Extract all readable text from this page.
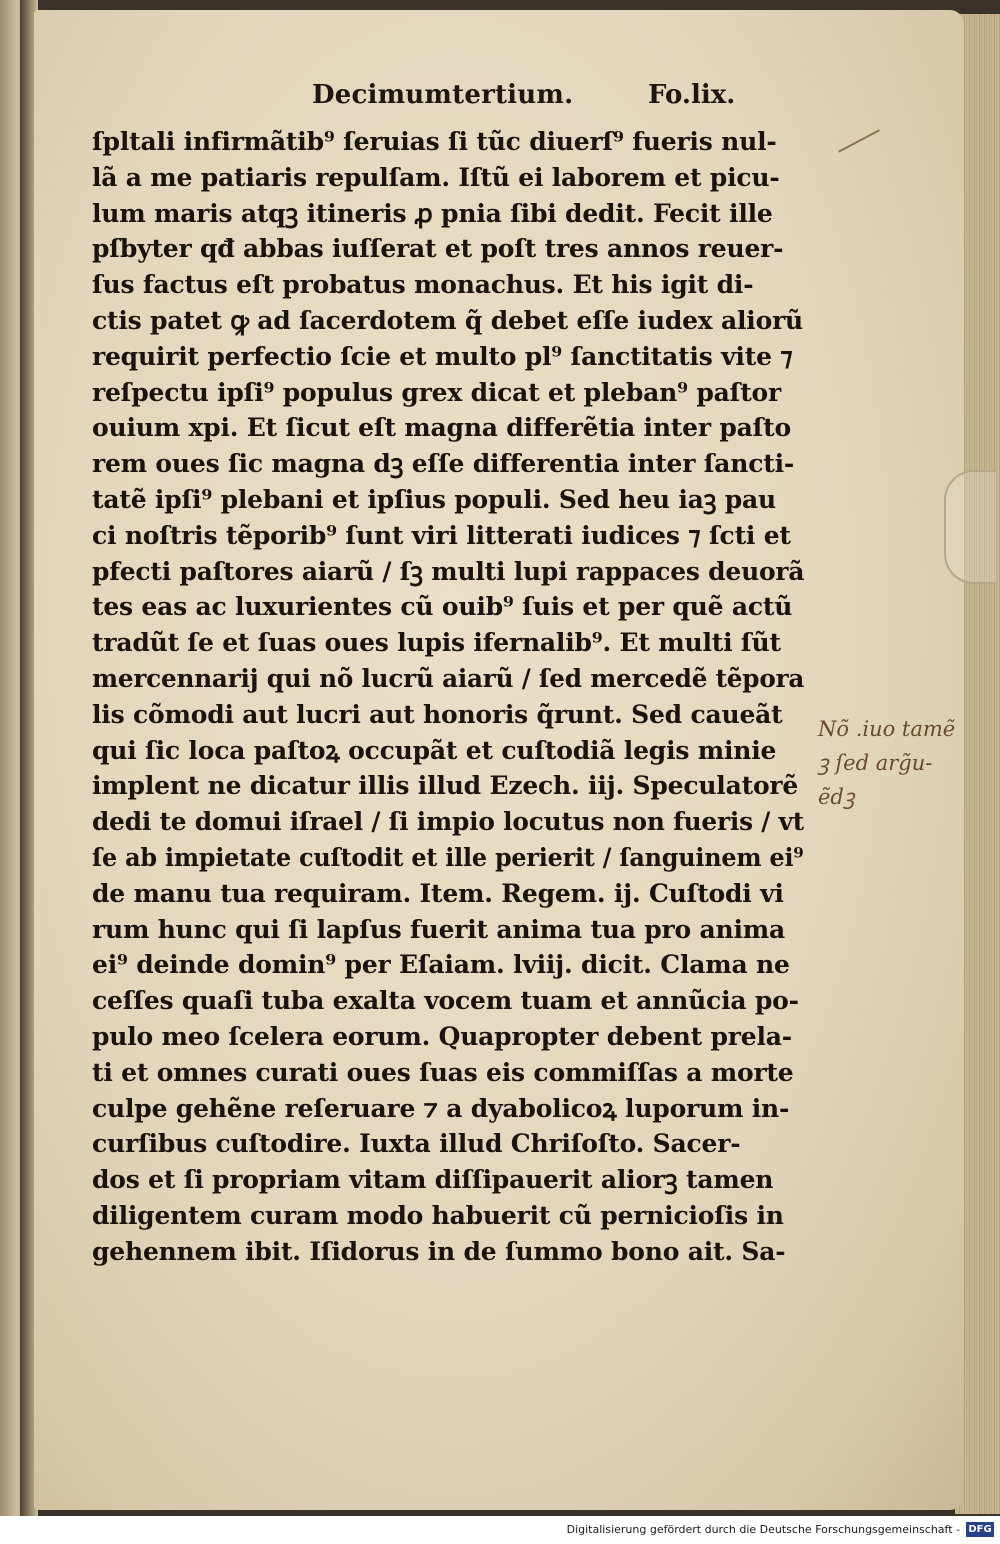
Decimumtertium.	Fo.lix.
ſpltali infirmãtib⁹ ſeruias ſi tũc diuerſ⁹ fueris nul-
lã a me patiaris repulſam. Iſtũ ei laborem et picu-
lum maris atqꝫ itineris ꝓ pnia ſibi dedit. Fecit ille
pſbyter qđ abbas iuſſerat et poſt tres annos reuer-
ſus factus eſt probatus monachus. Et his igit di-
ctis patet ꝙ ad ſacerdotem q̃ debet eſſe iudex aliorũ
requirit perfectio ſcie et multo pl⁹ ſanctitatis vite ⁊
reſpectu ipſi⁹ populus grex dicat et pleban⁹ paſtor
ouium xpi. Et ſicut eſt magna differẽtia inter paſto
rem oues ſic magna dꝫ eſſe differentia inter ſancti-
tatẽ ipſi⁹ plebani et ipſius populi. Sed heu iaꝫ pau
ci noſtris tẽporib⁹ ſunt viri litterati iudices ⁊ ſcti et
pfecti paſtores aiarũ / ſꝫ multi lupi rappaces deuorã
tes eas ac luxurientes cũ ouib⁹ ſuis et per quẽ actũ
tradũt ſe et ſuas oues lupis ifernalib⁹. Et multi ſũt
mercennarij qui nõ lucrũ aiarũ / ſed mercedẽ tẽpora
lis cõmodi aut lucri aut honoris q̃runt. Sed caueãt
qui ſic loca paſtoꝝ occupãt et cuſtodiã legis minie
implent ne dicatur illis illud Ezech. iij. Speculatorẽ
dedi te domui iſrael / ſi impio locutus non fueris / vt
ſe ab impietate cuſtodit et ille perierit / ſanguinem ei⁹
de manu tua requiram. Item. Regem. ij. Cuſtodi vi
rum hunc qui ſi lapſus fuerit anima tua pro anima
ei⁹ deinde domin⁹ per Eſaiam. lviij. dicit. Clama ne
ceſſes quaſi tuba exalta vocem tuam et annũcia po-
pulo meo ſcelera eorum. Quapropter debent prela-
ti et omnes curati oues ſuas eis commiſſas a morte
culpe gehẽne reſeruare ⁊ a dyabolicoꝝ luporum in-
curſibus cuſtodire. Iuxta illud Chriſoſto. Sacer-
dos et ſi propriam vitam diſſipauerit aliorꝫ tamen
diligentem curam modo habuerit cũ pernicioſis in
gehennem ibit. Iſidorus in de ſummo bono ait. Sa-
Nõ .iuo tamẽ
ꝫ ſed arg̃u-
ẽdꝫ
Digitalisierung gefördert durch die Deutsche Forschungsgemeinschaft - DFG
